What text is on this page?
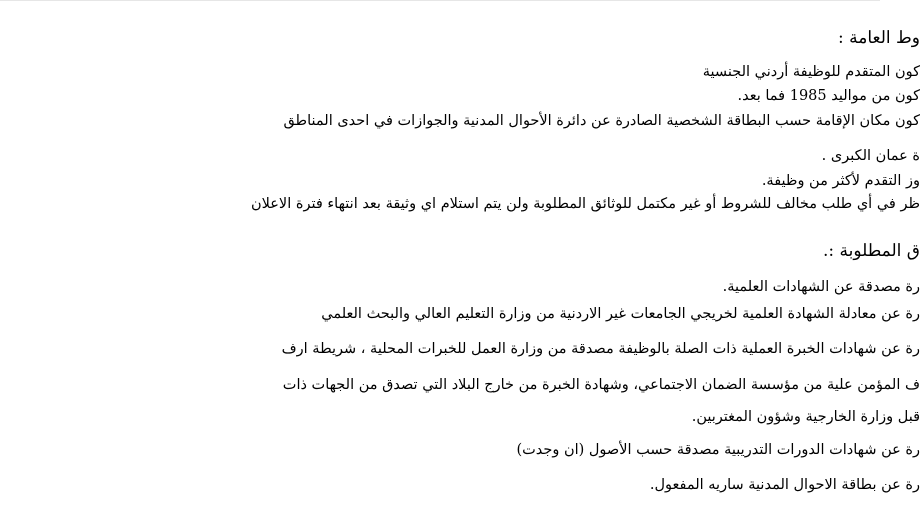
وط العامة :
كون المتقدم للوظيفة أردني الجنسية
كون من مواليد 1985 فما بعد.
كون مكان الإقامة حسب البطاقة الشخصية الصادرة عن دائرة الأحوال المدنية والجوازات في احدى المناطق
ة عمان الكبرى .
وز التقدم لأكثر من وظيفة.
ظر في أي طلب مخالف للشروط أو غير مكتمل للوثائق المطلوبة ولن يتم استلام اي وثيقة بعد انتهاء فترة الاعلان
ق المطلوبة :.
رة مصدقة عن الشهادات العلمية.
رة عن معادلة الشهادة العلمية لخريجي الجامعات غير الاردنية من وزارة التعليم العالي والبحث العلمي
رة عن شهادات الخبرة العملية ذات الصلة بالوظيفة مصدقة من وزارة العمل للخبرات المحلية ، شريطة ارف
ف المؤمن علية من مؤسسة الضمان الاجتماعي، وشهادة الخبرة من خارج البلاد التي تصدق من الجهات ذات
قبل وزارة الخارجية وشؤون المغتربين.
رة عن شهادات الدورات التدريبية مصدقة حسب الأصول (ان وجدت)
رة عن بطاقة الاحوال المدنية ساريه المفعول.
